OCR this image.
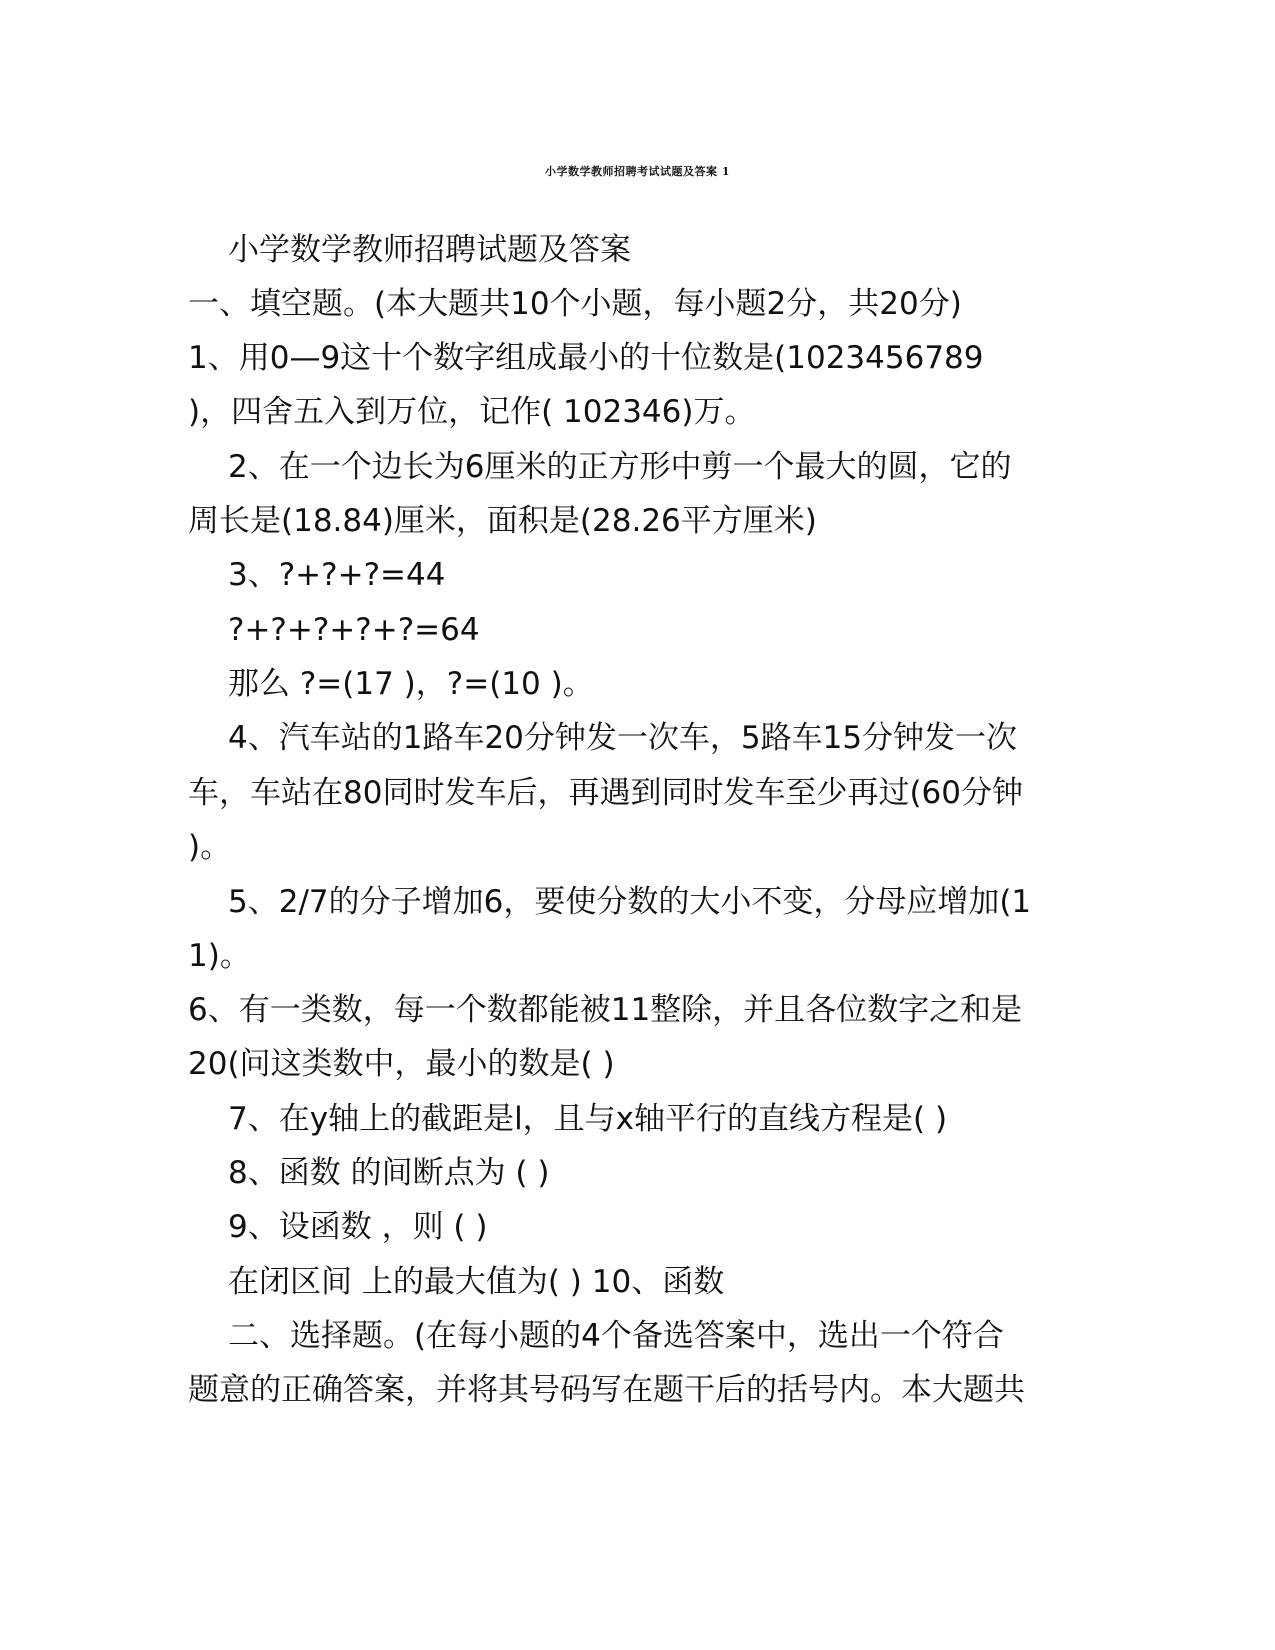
小学数学教师招聘考试试题及答案 1
小学数学教师招聘试题及答案
一、填空题。(本大题共10个小题，每小题2分，共20分)
1、用0—9这十个数字组成最小的十位数是(1023456789
)，四舍五入到万位，记作( 102346)万。
2、在一个边长为6厘米的正方形中剪一个最大的圆，它的
周长是(18.84)厘米，面积是(28.26平方厘米)
3、?+?+?=44
?+?+?+?+?=64
那么 ?=(17 )，?=(10 )。
4、汽车站的1路车20分钟发一次车，5路车15分钟发一次
车，车站在80同时发车后，再遇到同时发车至少再过(60分钟
)。
5、2/7的分子增加6，要使分数的大小不变，分母应增加(1
1)。
6、有一类数，每一个数都能被11整除，并且各位数字之和是
20(问这类数中，最小的数是( )
7、在y轴上的截距是l，且与x轴平行的直线方程是( )
8、函数 的间断点为 ( )
9、设函数 ，则 ( )
在闭区间 上的最大值为( ) 10、函数
二、选择题。(在每小题的4个备选答案中，选出一个符合
题意的正确答案，并将其号码写在题干后的括号内。本大题共
